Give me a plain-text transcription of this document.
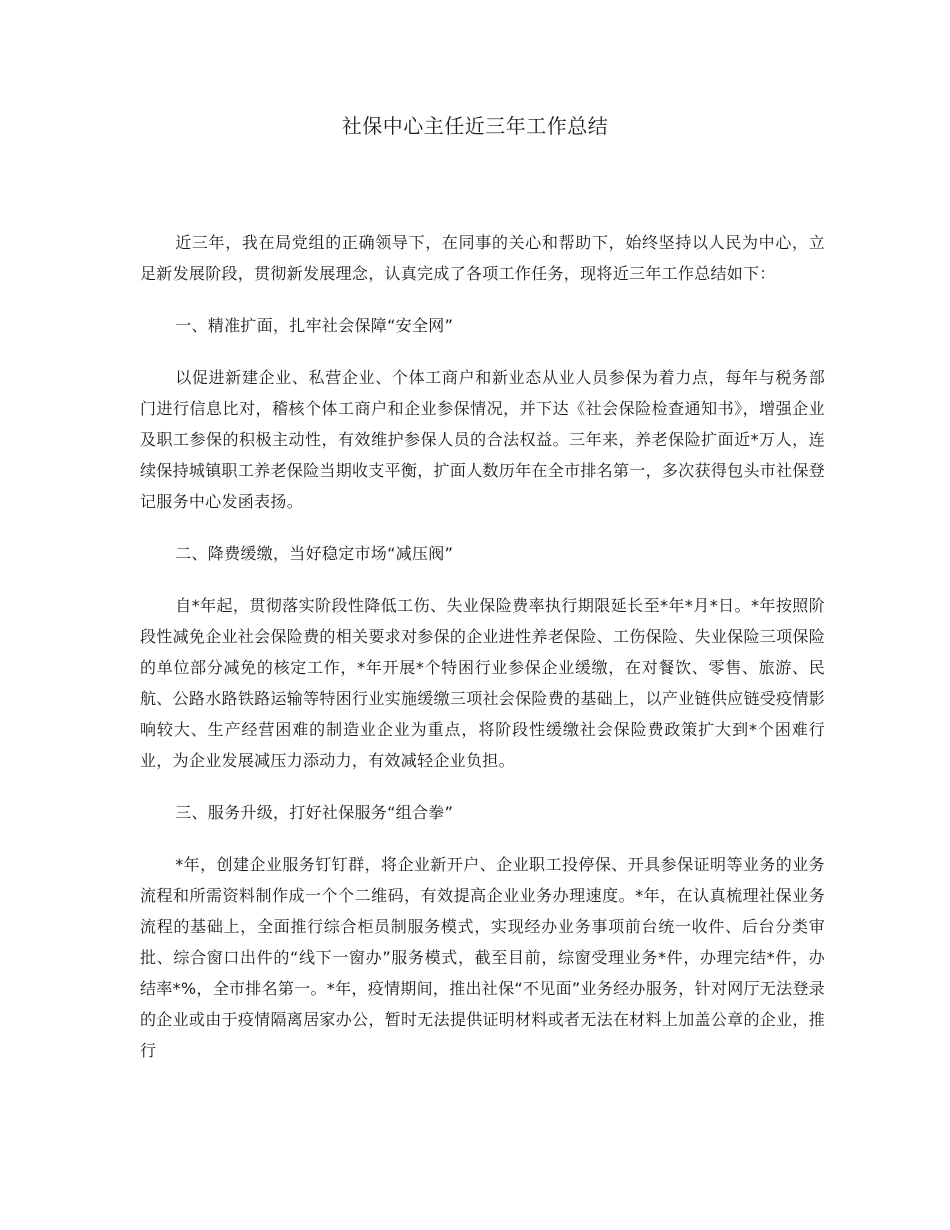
社保中心主任近三年工作总结

近三年，我在局党组的正确领导下，在同事的关心和帮助下，始终坚持以人民为中心，立足新发展阶段，贯彻新发展理念，认真完成了各项工作任务，现将近三年工作总结如下：

一、精准扩面，扎牢社会保障“安全网”

以促进新建企业、私营企业、个体工商户和新业态从业人员参保为着力点，每年与税务部门进行信息比对，稽核个体工商户和企业参保情况，并下达《社会保险检查通知书》，增强企业及职工参保的积极主动性，有效维护参保人员的合法权益。三年来，养老保险扩面近*万人，连续保持城镇职工养老保险当期收支平衡，扩面人数历年在全市排名第一，多次获得包头市社保登记服务中心发函表扬。

二、降费缓缴，当好稳定市场“减压阀”

自*年起，贯彻落实阶段性降低工伤、失业保险费率执行期限延长至*年*月*日。*年按照阶段性减免企业社会保险费的相关要求对参保的企业进性养老保险、工伤保险、失业保险三项保险的单位部分减免的核定工作，*年开展*个特困行业参保企业缓缴，在对餐饮、零售、旅游、民航、公路水路铁路运输等特困行业实施缓缴三项社会保险费的基础上，以产业链供应链受疫情影响较大、生产经营困难的制造业企业为重点，将阶段性缓缴社会保险费政策扩大到*个困难行业，为企业发展减压力添动力，有效减轻企业负担。

三、服务升级，打好社保服务“组合拳”

*年，创建企业服务钉钉群，将企业新开户、企业职工投停保、开具参保证明等业务的业务流程和所需资料制作成一个个二维码，有效提高企业业务办理速度。*年，在认真梳理社保业务流程的基础上，全面推行综合柜员制服务模式，实现经办业务事项前台统一收件、后台分类审批、综合窗口出件的“线下一窗办”服务模式，截至目前，综窗受理业务*件，办理完结*件，办结率*%，全市排名第一。*年，疫情期间，推出社保“不见面”业务经办服务，针对网厅无法登录的企业或由于疫情隔离居家办公，暂时无法提供证明材料或者无法在材料上加盖公章的企业，推行
